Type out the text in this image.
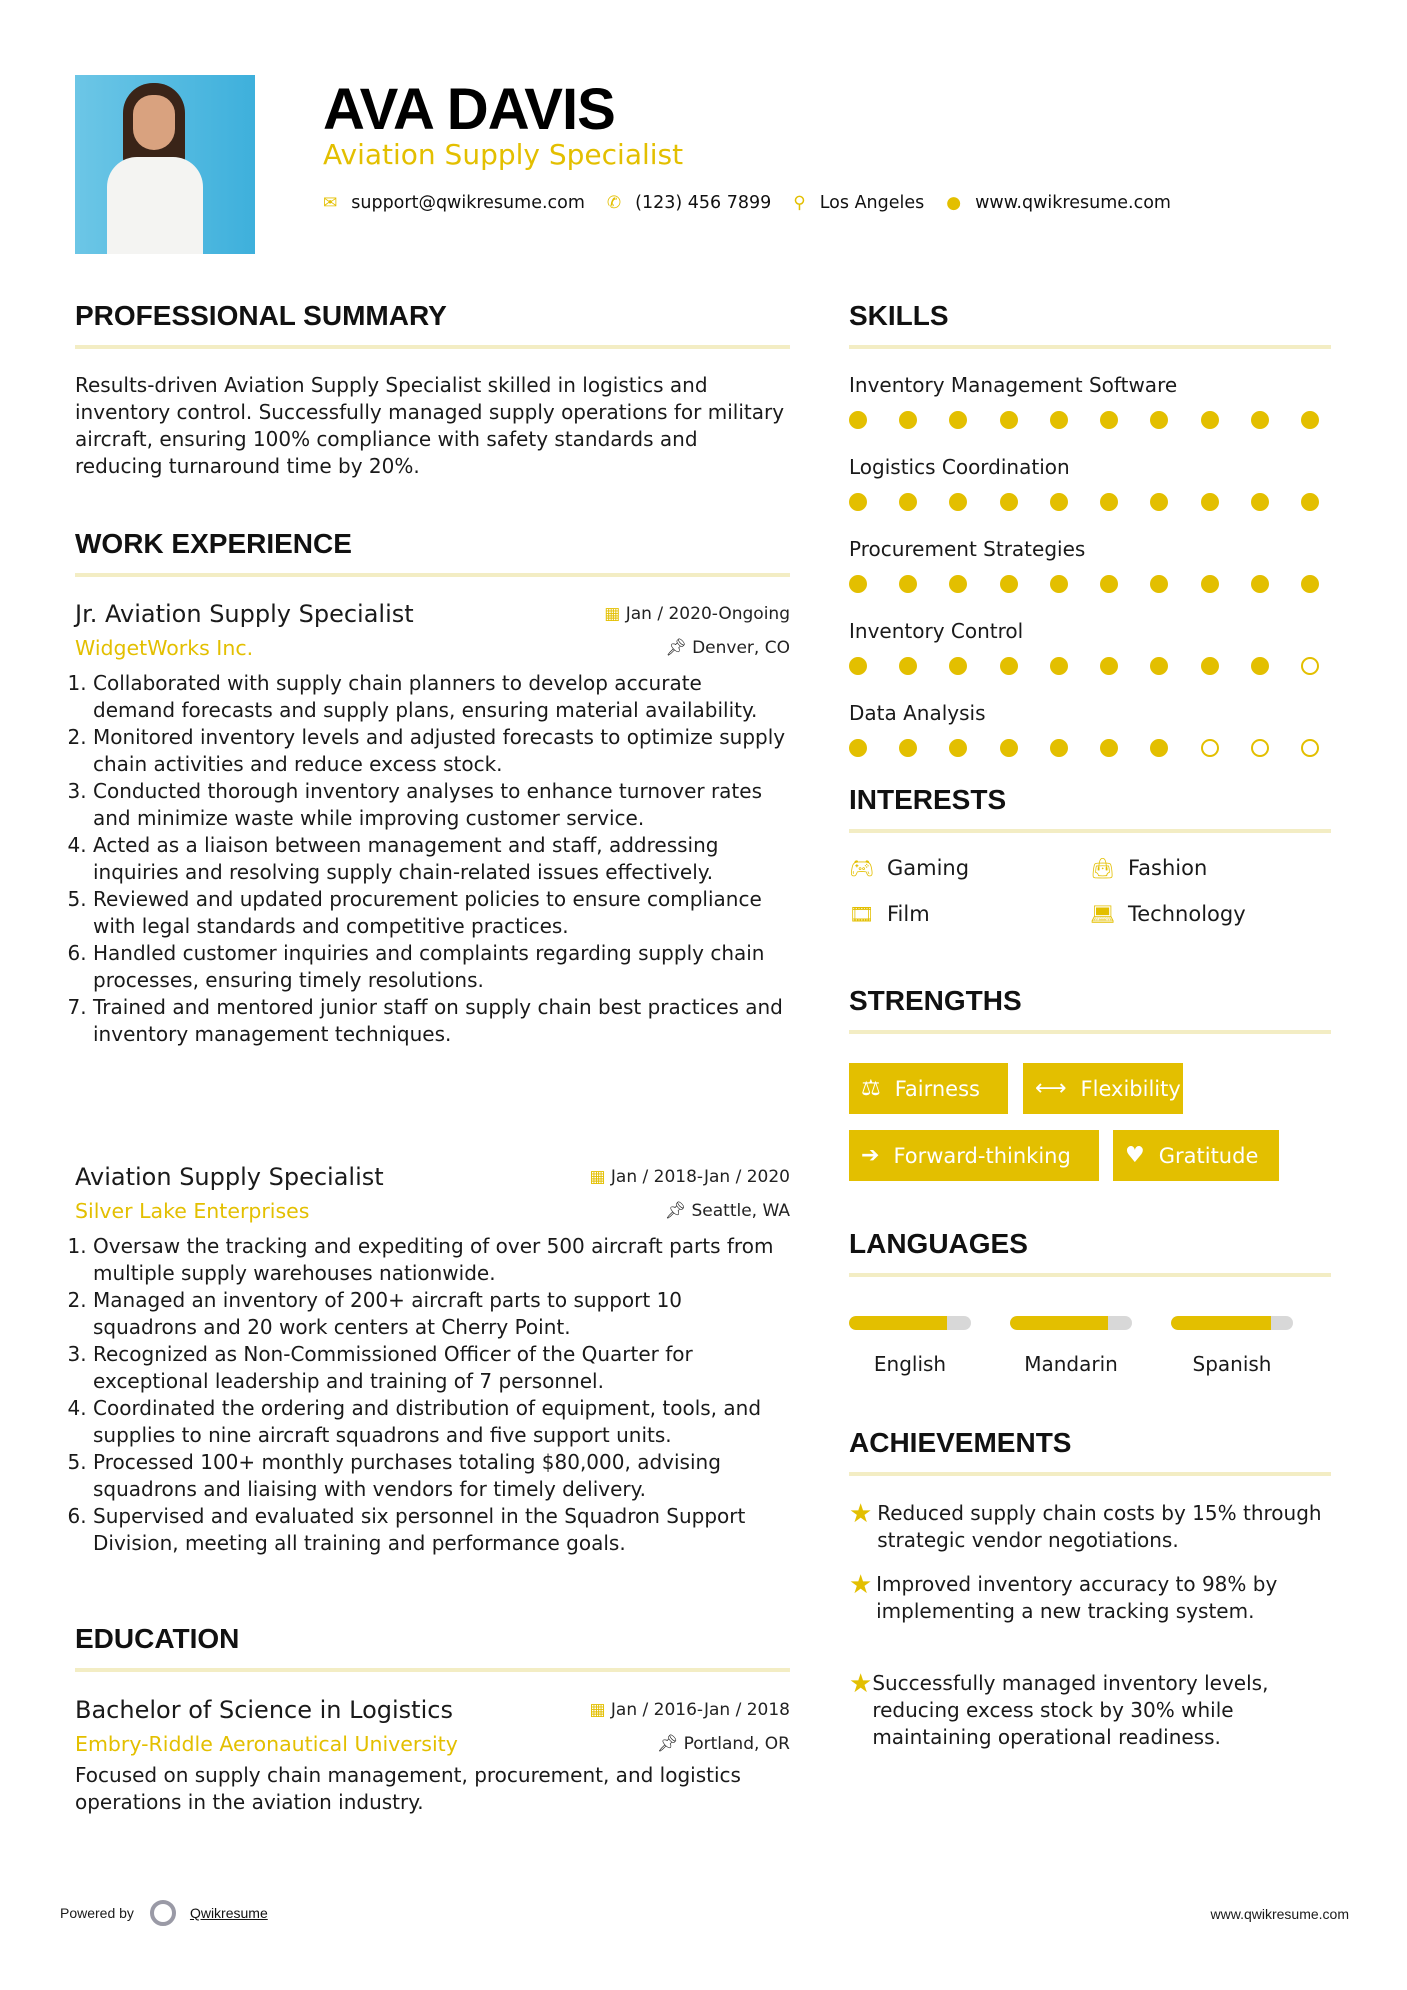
AVA DAVIS
Aviation Supply Specialist
✉ support@qwikresume.com ✆ (123) 456 7899 ⚲ Los Angeles ● www.qwikresume.com
PROFESSIONAL SUMMARY
Results-driven Aviation Supply Specialist skilled in logistics and inventory control. Successfully managed supply operations for military aircraft, ensuring 100% compliance with safety standards and reducing turnaround time by 20%.
WORK EXPERIENCE
Jr. Aviation Supply Specialist	▦ Jan / 2020-Ongoing
WidgetWorks Inc.	📌︎ Denver, CO
1. Collaborated with supply chain planners to develop accurate demand forecasts and supply plans, ensuring material availability.
2. Monitored inventory levels and adjusted forecasts to optimize supply chain activities and reduce excess stock.
3. Conducted thorough inventory analyses to enhance turnover rates and minimize waste while improving customer service.
4. Acted as a liaison between management and staff, addressing inquiries and resolving supply chain-related issues effectively.
5. Reviewed and updated procurement policies to ensure compliance with legal standards and competitive practices.
6. Handled customer inquiries and complaints regarding supply chain processes, ensuring timely resolutions.
7. Trained and mentored junior staff on supply chain best practices and inventory management techniques.
Aviation Supply Specialist	▦ Jan / 2018-Jan / 2020
Silver Lake Enterprises	📌︎ Seattle, WA
1. Oversaw the tracking and expediting of over 500 aircraft parts from multiple supply warehouses nationwide.
2. Managed an inventory of 200+ aircraft parts to support 10 squadrons and 20 work centers at Cherry Point.
3. Recognized as Non-Commissioned Officer of the Quarter for exceptional leadership and training of 7 personnel.
4. Coordinated the ordering and distribution of equipment, tools, and supplies to nine aircraft squadrons and five support units.
5. Processed 100+ monthly purchases totaling $80,000, advising squadrons and liaising with vendors for timely delivery.
6. Supervised and evaluated six personnel in the Squadron Support Division, meeting all training and performance goals.
EDUCATION
Bachelor of Science in Logistics	▦ Jan / 2016-Jan / 2018
Embry-Riddle Aeronautical University	📌︎ Portland, OR
Focused on supply chain management, procurement, and logistics operations in the aviation industry.
SKILLS
Inventory Management Software
Logistics Coordination
Procurement Strategies
Inventory Control
Data Analysis
INTERESTS
🎮︎ Gaming	👜︎ Fashion
🎞︎ Film	💻︎ Technology
STRENGTHS
⚖ Fairness	⟷ Flexibility
➔ Forward-thinking ♥ Gratitude
LANGUAGES
English	Mandarin	Spanish
ACHIEVEMENTS
★ Reduced supply chain costs by 15% through strategic vendor negotiations.
★ Improved inventory accuracy to 98% by implementing a new tracking system.
★ Successfully managed inventory levels, reducing excess stock by 30% while maintaining operational readiness.
Powered by	Qwikresume	www.qwikresume.com
